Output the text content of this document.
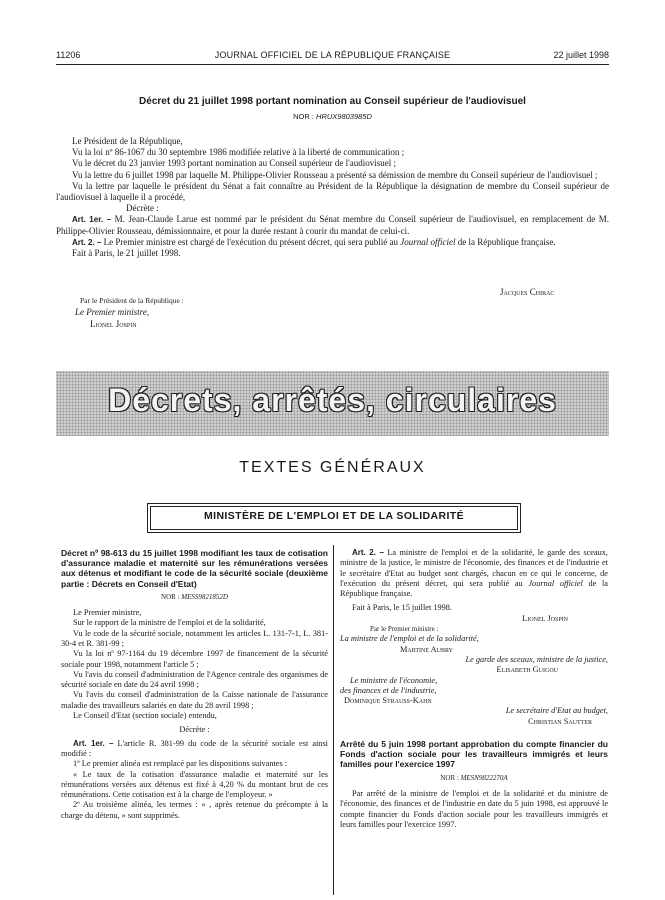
11206	JOURNAL OFFICIEL DE LA RÉPUBLIQUE FRANÇAISE	22 juillet 1998
Décret du 21 juillet 1998 portant nomination au Conseil supérieur de l'audiovisuel
NOR : HRUX9803985D

Le Président de la République,

Vu la loi nº 86-1067 du 30 septembre 1986 modifiée relative à la liberté de communication ;

Vu le décret du 23 janvier 1993 portant nomination au Conseil supérieur de l'audiovisuel ;

Vu la lettre du 6 juillet 1998 par laquelle M. Philippe-Olivier Rousseau a présenté sa démission de membre du Conseil supérieur de l'audiovisuel ;

Vu la lettre par laquelle le président du Sénat a fait connaître au Président de la République la désignation de membre du Conseil supérieur de l'audiovisuel à laquelle il a procédé,

Décrète :

Art. 1er. – M. Jean-Claude Larue est nommé par le président du Sénat membre du Conseil supérieur de l'audiovisuel, en remplacement de M. Philippe-Olivier Rousseau, démissionnaire, et pour la durée restant à courir du mandat de celui-ci.

Art. 2. – Le Premier ministre est chargé de l'exécution du présent décret, qui sera publié au Journal officiel de la République française.

Fait à Paris, le 21 juillet 1998.

Jacques Chirac
Par le Président de la République :
Le Premier ministre,
Lionel Jospin
Décrets, arrêtés, circulaires
TEXTES GÉNÉRAUX
MINISTÈRE DE L'EMPLOI ET DE LA SOLIDARITÉ
Décret nº 98-613 du 15 juillet 1998 modifiant les taux de cotisation d'assurance maladie et maternité sur les rémunérations versées aux détenus et modifiant le code de la sécurité sociale (deuxième partie : Décrets en Conseil d'Etat)
NOR : MESS9821852D

Le Premier ministre,

Sur le rapport de la ministre de l'emploi et de la solidarité,

Vu le code de la sécurité sociale, notamment les articles L. 131-7-1, L. 381-30-4 et R. 381-99 ;

Vu la loi nº 97-1164 du 19 décembre 1997 de financement de la sécurité sociale pour 1998, notamment l'article 5 ;

Vu l'avis du conseil d'administration de l'Agence centrale des organismes de sécurité sociale en date du 24 avril 1998 ;

Vu l'avis du conseil d'administration de la Caisse nationale de l'assurance maladie des travailleurs salariés en date du 28 avril 1998 ;

Le Conseil d'Etat (section sociale) entendu,

Décrète :

Art. 1er. – L'article R. 381-99 du code de la sécurité sociale est ainsi modifié :

1º Le premier alinéa est remplacé par les dispositions suivantes :

« Le taux de la cotisation d'assurance maladie et maternité sur les rémunérations versées aux détenus est fixé à 4,20 % du montant brut de ces rémunérations. Cette cotisation est à la charge de l'employeur. »

2º Au troisième alinéa, les termes : « , après retenue du précompte à la charge du détenu, » sont supprimés.

Art. 2. – La ministre de l'emploi et de la solidarité, le garde des sceaux, ministre de la justice, le ministre de l'économie, des finances et de l'industrie et le secrétaire d'Etat au budget sont chargés, chacun en ce qui le concerne, de l'exécution du présent décret, qui sera publié au Journal officiel de la République française.

Fait à Paris, le 15 juillet 1998.

Lionel Jospin
Par le Premier ministre :
La ministre de l'emploi et de la solidarité,
Martine Aubry
Le garde des sceaux, ministre de la justice,
Elisabeth Guigou
Le ministre de l'économie,
des finances et de l'industrie,
Dominique Strauss-Kahn
Le secrétaire d'Etat au budget,
Christian Sautter
Arrêté du 5 juin 1998 portant approbation du compte financier du Fonds d'action sociale pour les travailleurs immigrés et leurs familles pour l'exercice 1997
NOR : MESN9822270A

Par arrêté de la ministre de l'emploi et de la solidarité et du ministre de l'économie, des finances et de l'industrie en date du 5 juin 1998, est approuvé le compte financier du Fonds d'action sociale pour les travailleurs immigrés et leurs familles pour l'exercice 1997.
